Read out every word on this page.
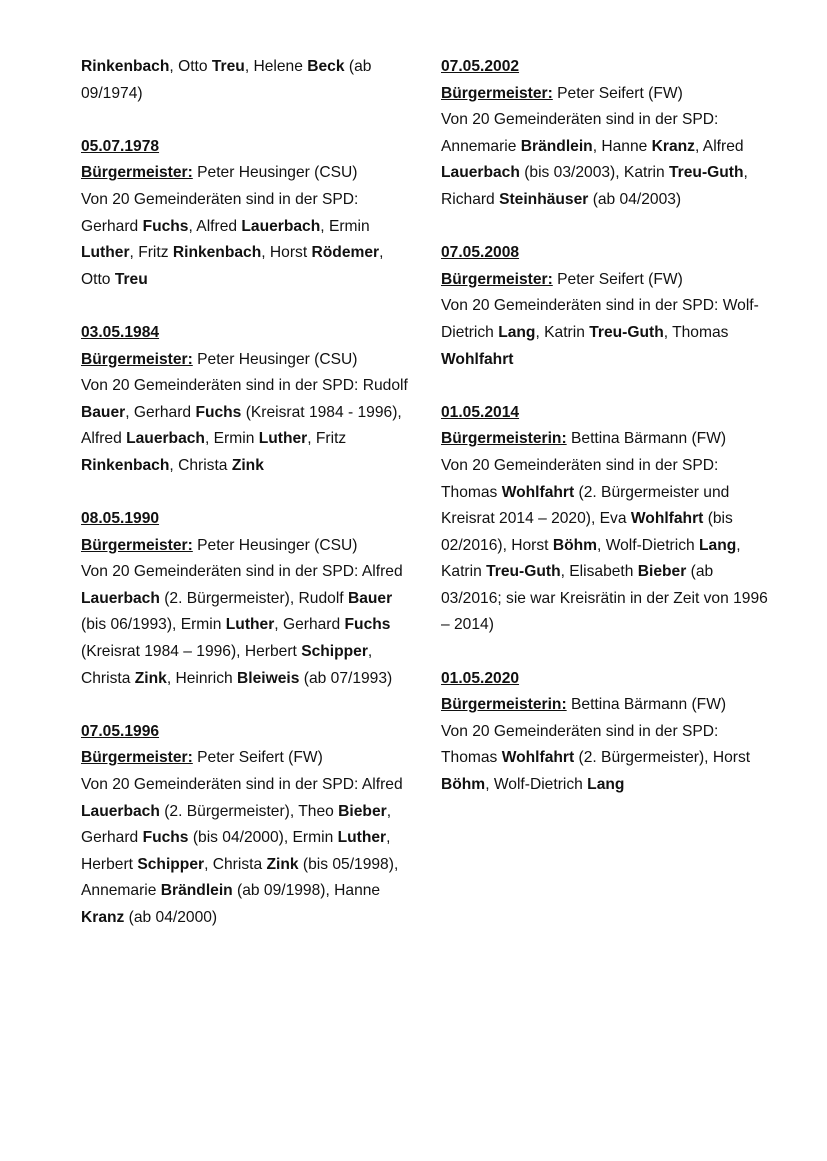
Rinkenbach, Otto Treu, Helene Beck (ab 09/1974)

05.07.1978

Bürgermeister: Peter Heusinger (CSU)

Von 20 Gemeinderäten sind in der SPD: Gerhard Fuchs, Alfred Lauerbach, Ermin Luther, Fritz Rinkenbach, Horst Rödemer, Otto Treu

03.05.1984

Bürgermeister: Peter Heusinger (CSU)

Von 20 Gemeinderäten sind in der SPD: Rudolf Bauer, Gerhard Fuchs (Kreisrat 1984 - 1996), Alfred Lauerbach, Ermin Luther, Fritz Rinkenbach, Christa Zink

08.05.1990

Bürgermeister: Peter Heusinger (CSU)

Von 20 Gemeinderäten sind in der SPD: Alfred Lauerbach (2. Bürgermeister), Rudolf Bauer (bis 06/1993), Ermin Luther, Gerhard Fuchs (Kreisrat 1984 – 1996), Herbert Schipper, Christa Zink, Heinrich Bleiweis (ab 07/1993)

07.05.1996

Bürgermeister: Peter Seifert (FW)

Von 20 Gemeinderäten sind in der SPD: Alfred Lauerbach (2. Bürgermeister), Theo Bieber, Gerhard Fuchs (bis 04/2000), Ermin Luther, Herbert Schipper, Christa Zink (bis 05/1998), Annemarie Brändlein (ab 09/1998), Hanne Kranz (ab 04/2000)

07.05.2002

Bürgermeister: Peter Seifert (FW)

Von 20 Gemeinderäten sind in der SPD: Annemarie Brändlein, Hanne Kranz, Alfred Lauerbach (bis 03/2003), Katrin Treu-Guth, Richard Steinhäuser (ab 04/2003)

07.05.2008

Bürgermeister: Peter Seifert (FW)

Von 20 Gemeinderäten sind in der SPD: Wolf-Dietrich Lang, Katrin Treu-Guth, Thomas Wohlfahrt

01.05.2014

Bürgermeisterin: Bettina Bärmann (FW)

Von 20 Gemeinderäten sind in der SPD: Thomas Wohlfahrt (2. Bürgermeister und Kreisrat 2014 – 2020), Eva Wohlfahrt (bis 02/2016), Horst Böhm, Wolf-Dietrich Lang, Katrin Treu-Guth, Elisabeth Bieber (ab 03/2016; sie war Kreisrätin in der Zeit von 1996 – 2014)

01.05.2020

Bürgermeisterin: Bettina Bärmann (FW)

Von 20 Gemeinderäten sind in der SPD: Thomas Wohlfahrt (2. Bürgermeister), Horst Böhm, Wolf-Dietrich Lang
